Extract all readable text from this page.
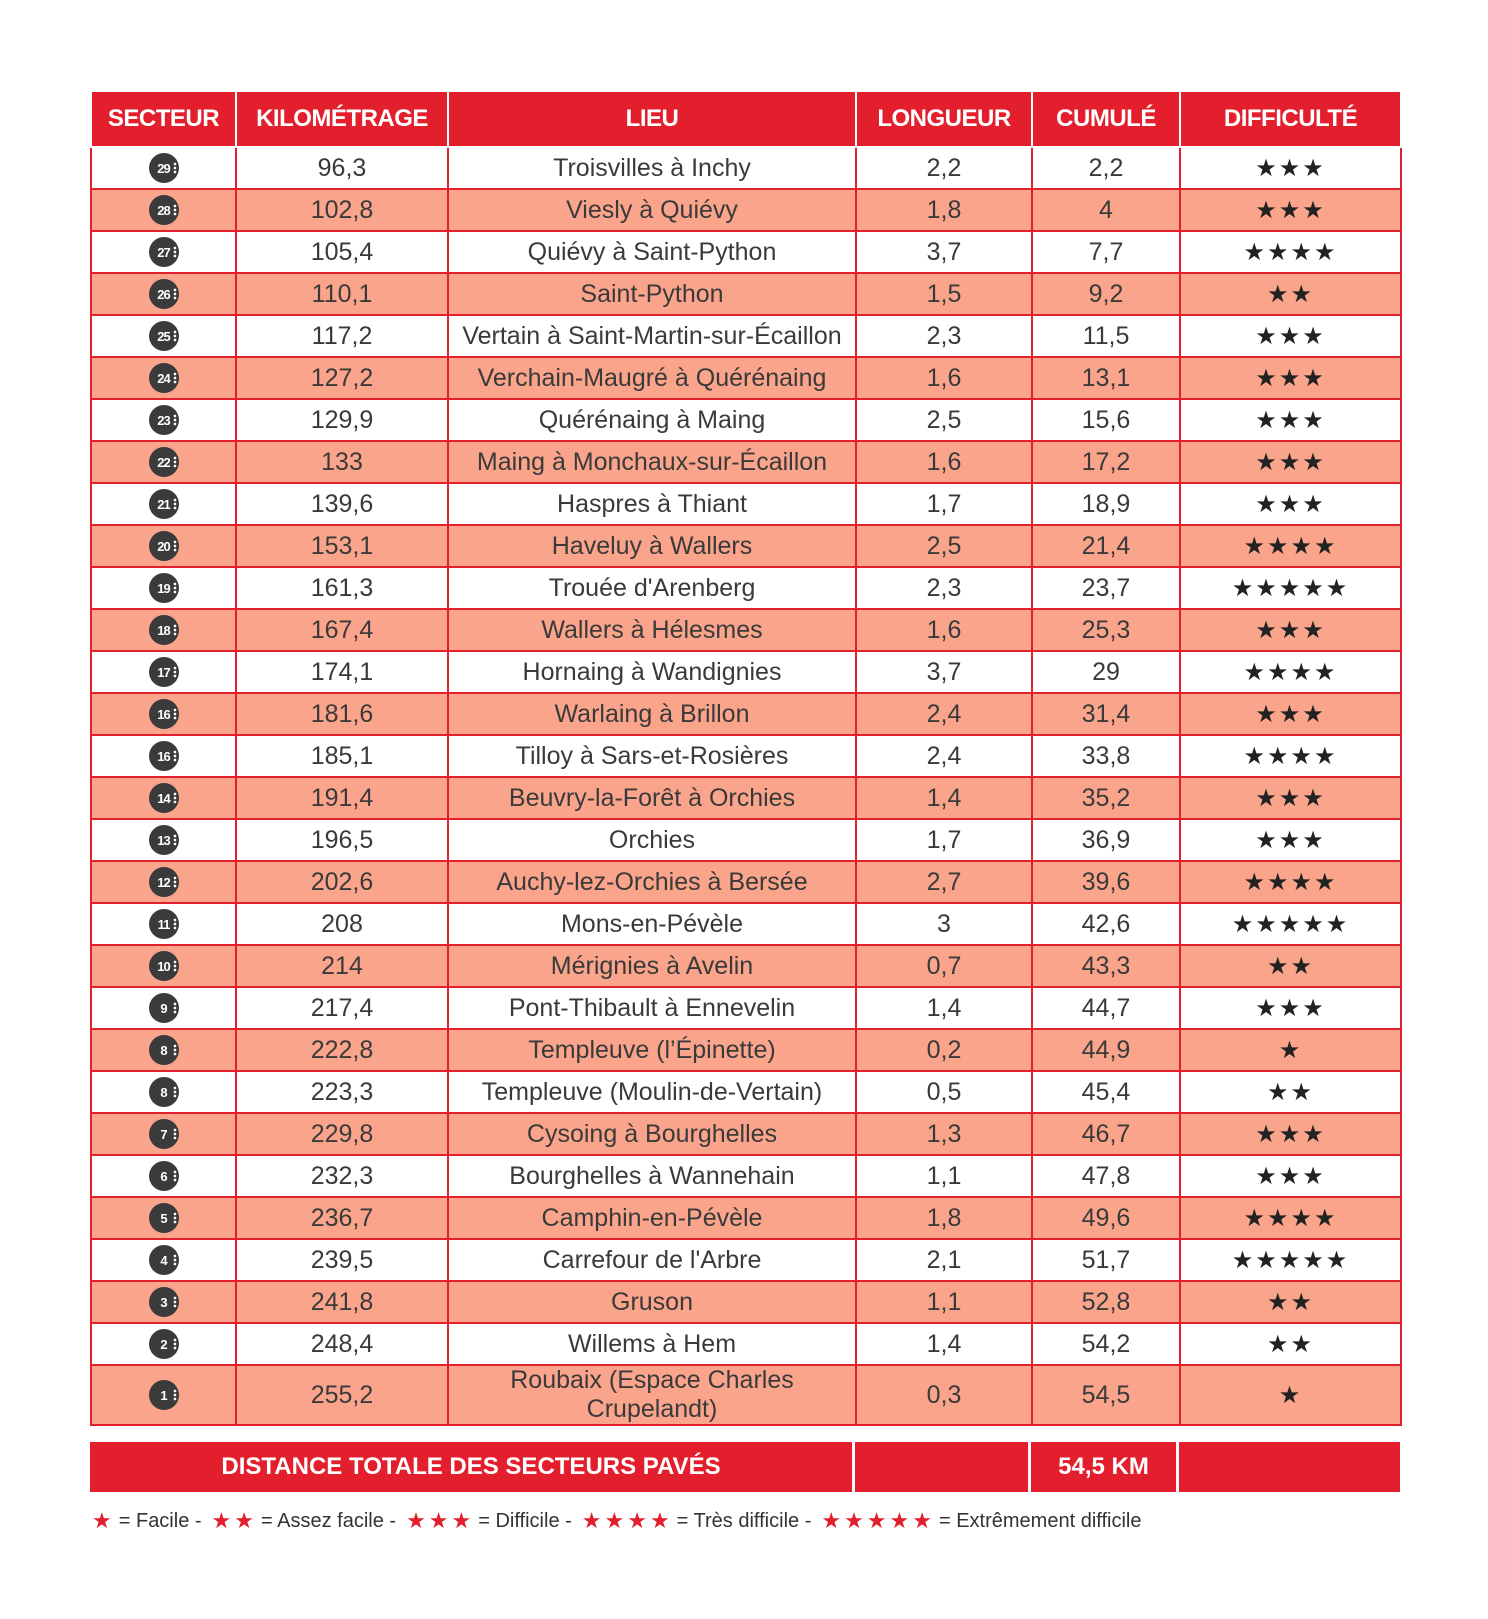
SECTEUR	KILOMÉTRAGE	LIEU	LONGUEUR	CUMULÉ	DIFFICULTÉ
29	96,3	Troisvilles à Inchy	2,2	2,2	★★★
28	102,8	Viesly à Quiévy	1,8	4	★★★
27	105,4	Quiévy à Saint-Python	3,7	7,7	★★★★
26	110,1	Saint-Python	1,5	9,2	★★
25	117,2	Vertain à Saint-Martin-sur-Écaillon	2,3	11,5	★★★
24	127,2	Verchain-Maugré à Quérénaing	1,6	13,1	★★★
23	129,9	Quérénaing à Maing	2,5	15,6	★★★
22	133	Maing à Monchaux-sur-Écaillon	1,6	17,2	★★★
21	139,6	Haspres à Thiant	1,7	18,9	★★★
20	153,1	Haveluy à Wallers	2,5	21,4	★★★★
19	161,3	Trouée d'Arenberg	2,3	23,7	★★★★★
18	167,4	Wallers à Hélesmes	1,6	25,3	★★★
17	174,1	Hornaing à Wandignies	3,7	29	★★★★
16	181,6	Warlaing à Brillon	2,4	31,4	★★★
16	185,1	Tilloy à Sars-et-Rosières	2,4	33,8	★★★★
14	191,4	Beuvry-la-Forêt à Orchies	1,4	35,2	★★★
13	196,5	Orchies	1,7	36,9	★★★
12	202,6	Auchy-lez-Orchies à Bersée	2,7	39,6	★★★★
11	208	Mons-en-Pévèle	3	42,6	★★★★★
10	214	Mérignies à Avelin	0,7	43,3	★★
9	217,4	Pont-Thibault à Ennevelin	1,4	44,7	★★★
8	222,8	Templeuve (l’Épinette)	0,2	44,9	★
8	223,3	Templeuve (Moulin-de-Vertain)	0,5	45,4	★★
7	229,8	Cysoing à Bourghelles	1,3	46,7	★★★
6	232,3	Bourghelles à Wannehain	1,1	47,8	★★★
5	236,7	Camphin-en-Pévèle	1,8	49,6	★★★★
4	239,5	Carrefour de l'Arbre	2,1	51,7	★★★★★
3	241,8	Gruson	1,1	52,8	★★
2	248,4	Willems à Hem	1,4	54,2	★★
1	255,2	Roubaix (Espace Charles Crupelandt)	0,3	54,5	★
DISTANCE TOTALE DES SECTEURS PAVÉS	54,5 KM
★ = Facile - ★★ = Assez facile - ★★★ = Difficile - ★★★★ = Très difficile - ★★★★★ = Extrêmement difficile
